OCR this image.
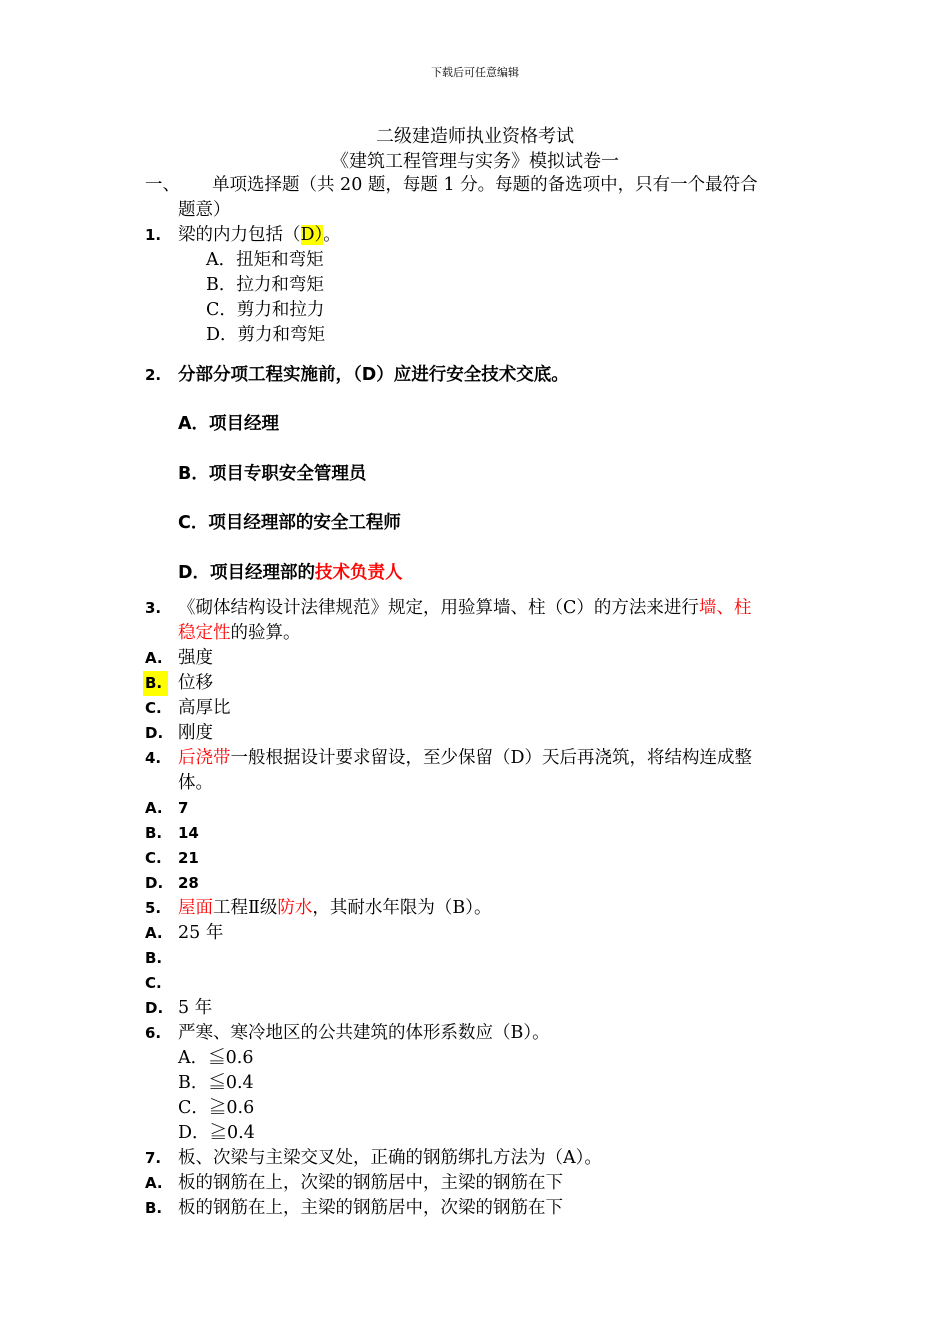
下载后可任意编辑
二级建造师执业资格考试
《建筑工程管理与实务》模拟试卷一
一、 单项选择题（共 20 题，每题 1 分。每题的备选项中，只有一个最符合
题意）
1. 梁的内力包括（D）。
A．扭矩和弯矩
B．拉力和弯矩
C．剪力和拉力
D．剪力和弯矩
2. 分部分项工程实施前，（D）应进行安全技术交底。
A．项目经理
B．项目专职安全管理员
C．项目经理部的安全工程师
D．项目经理部的技术负责人
3. 《砌体结构设计法律规范》规定，用验算墙、柱（C）的方法来进行墙、柱
稳定性的验算。
A. 强度
B. 位移
C. 高厚比
D. 刚度
4. 后浇带一般根据设计要求留设，至少保留（D）天后再浇筑，将结构连成整
体。
A. 7
B. 14
C. 21
D. 28
5. 屋面工程Ⅱ级防水，其耐水年限为（B）。
A. 25 年
B.
C.
D. 5 年
6. 严寒、寒冷地区的公共建筑的体形系数应（B）。
A．≦0.6
B．≦0.4
C．≧0.6
D．≧0.4
7. 板、次梁与主梁交叉处，正确的钢筋绑扎方法为（A）。
A. 板的钢筋在上，次梁的钢筋居中，主梁的钢筋在下
B. 板的钢筋在上，主梁的钢筋居中，次梁的钢筋在下
